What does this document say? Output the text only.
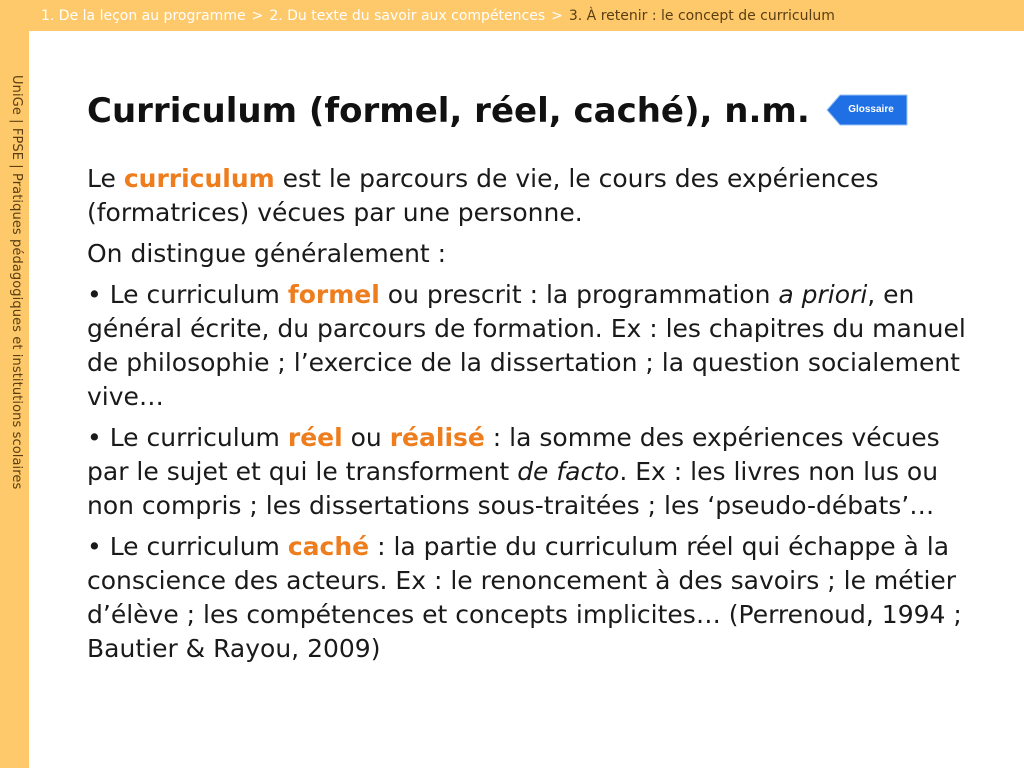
1. De la leçon au programme > 2. Du texte du savoir aux compétences > 3. À retenir : le concept de curriculum
UniGe | FPSE | Pratiques pédagogiques et institutions scolaires Curriculum (formel, réel, caché), n.m.	Glossaire

Le curriculum est le parcours de vie, le cours des expériences (formatrices) vécues par une personne.

On distingue généralement :

• Le curriculum formel ou prescrit : la programmation a priori, en général écrite, du parcours de formation. Ex : les chapitres du manuel de philosophie ; l’exercice de la dissertation ; la question socialement vive…

• Le curriculum réel ou réalisé : la somme des expériences vécues par le sujet et qui le transforment de facto. Ex : les livres non lus ou non compris ; les dissertations sous-traitées ; les ‘pseudo-débats’…

• Le curriculum caché : la partie du curriculum réel qui échappe à la conscience des acteurs. Ex : le renoncement à des savoirs ; le métier d’élève ; les compétences et concepts implicites… (Perrenoud, 1994 ; Bautier & Rayou, 2009)
